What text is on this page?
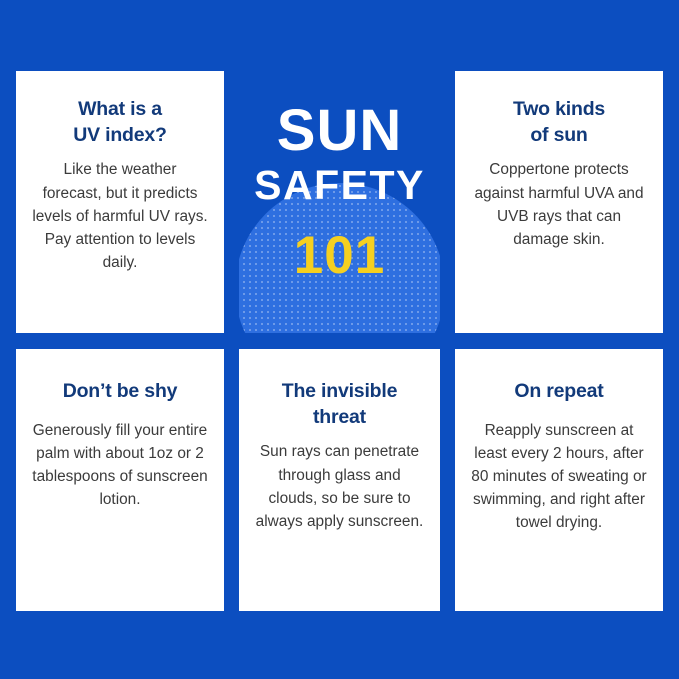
What is a
UV index?

Like the weather forecast, but it predicts levels of harmful UV rays. Pay attention to levels daily.

SUN
SAFETY
101
Two kinds
of sun

Coppertone protects against harmful UVA and UVB rays that can damage skin.

Don’t be shy

Generously fill your entire palm with about 1oz or 2 tablespoons of sunscreen lotion.

The invisible
threat

Sun rays can penetrate through glass and clouds, so be sure to always apply sunscreen.

On repeat

Reapply sunscreen at least every 2 hours, after 80 minutes of sweating or swimming, and right after towel drying.
